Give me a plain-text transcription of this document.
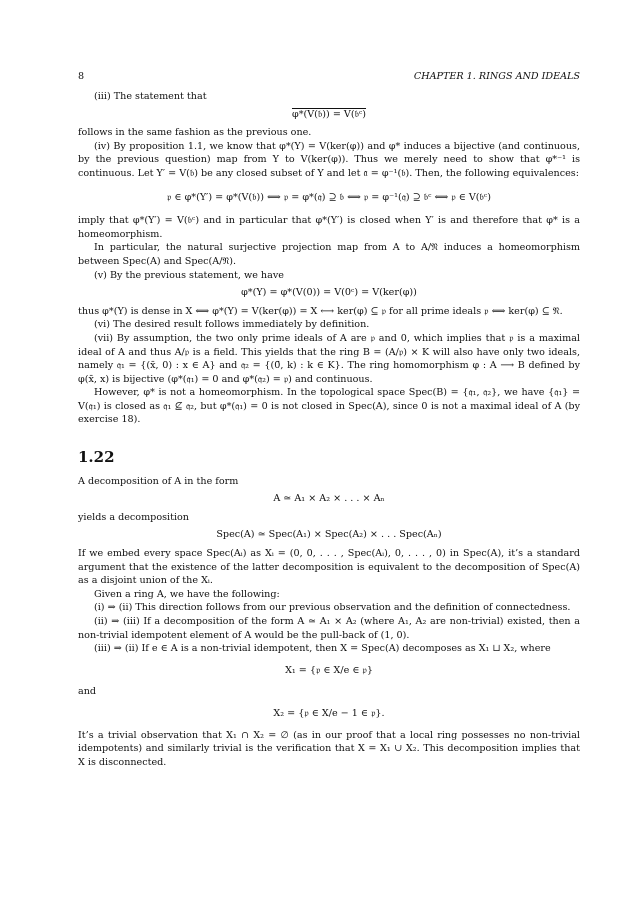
8	CHAPTER 1. RINGS AND IDEALS

(iii) The statement that

φ*(V(𝔟)) = V(𝔟ᶜ)

follows in the same fashion as the previous one.

(iv) By proposition 1.1, we know that φ*(Y) = V(ker(φ)) and φ* induces a bijective (and continuous, by the previous question) map from Y to V(ker(φ)). Thus we merely need to show that φ*⁻¹ is continuous. Let Y′ = V(𝔟) be any closed subset of Y and let 𝔞 = φ⁻¹(𝔟). Then, the following equivalences:

𝔭 ∈ φ*(Y′) = φ*(V(𝔟)) ⟺ 𝔭 = φ*(𝔮) ⊇ 𝔟 ⟺ 𝔭 = φ⁻¹(𝔮) ⊇ 𝔟ᶜ ⟺ 𝔭 ∈ V(𝔟ᶜ)

imply that φ*(Y′) = V(𝔟ᶜ) and in particular that φ*(Y′) is closed when Y′ is and therefore that φ* is a homeomorphism.

In particular, the natural surjective projection map from A to A/𝔑 induces a homeomorphism between Spec(A) and Spec(A/𝔑).

(v) By the previous statement, we have

φ*(Y) = φ*(V(0)) = V(0ᶜ) = V(ker(φ))

thus φ*(Y) is dense in X ⟺ φ*(Y) = V(ker(φ)) = X ⟷ ker(φ) ⊆ 𝔭 for all prime ideals 𝔭 ⟺ ker(φ) ⊆ 𝔑.

(vi) The desired result follows immediately by definition.

(vii) By assumption, the two only prime ideals of A are 𝔭 and 0, which implies that 𝔭 is a maximal ideal of A and thus A/𝔭 is a field. This yields that the ring B = (A/𝔭) × K will also have only two ideals, namely 𝔮₁ = {(x̄, 0) : x ∈ A} and 𝔮₂ = {(0̄, k) : k ∈ K}. The ring homomorphism φ : A ⟶ B defined by φ(x̄, x) is bijective (φ*(𝔮₁) = 0 and φ*(𝔮₂) = 𝔭) and continuous.

However, φ* is not a homeomorphism. In the topological space Spec(B) = {𝔮₁, 𝔮₂}, we have {𝔮₁} = V(𝔮₁) is closed as 𝔮₁ ⊈ 𝔮₂, but φ*(𝔮₁) = 0 is not closed in Spec(A), since 0 is not a maximal ideal of A (by exercise 18).

1.22

A decomposition of A in the form

A ≃ A₁ × A₂ × . . . × Aₙ

yields a decomposition

Spec(A) ≃ Spec(A₁) × Spec(A₂) × . . . Spec(Aₙ)

If we embed every space Spec(Aᵢ) as Xᵢ = (0, 0, . . . , Spec(Aᵢ), 0, . . . , 0) in Spec(A), it’s a standard argument that the existence of the latter decomposition is equivalent to the decomposition of Spec(A) as a disjoint union of the Xᵢ.

Given a ring A, we have the following:

(i) ⇒ (ii) This direction follows from our previous observation and the definition of connectedness.

(ii) ⇒ (iii) If a decomposition of the form A ≃ A₁ × A₂ (where A₁, A₂ are non-trivial) existed, then a non-trivial idempotent element of A would be the pull-back of (1, 0).

(iii) ⇒ (ii) If e ∈ A is a non-trivial idempotent, then X = Spec(A) decomposes as X₁ ⊔ X₂, where

X₁ = {𝔭 ∈ X/e ∈ 𝔭}

and

X₂ = {𝔭 ∈ X/e − 1 ∈ 𝔭}.

It’s a trivial observation that X₁ ∩ X₂ = ∅ (as in our proof that a local ring possesses no non-trivial idempotents) and similarly trivial is the verification that X = X₁ ∪ X₂. This decomposition implies that X is disconnected.
